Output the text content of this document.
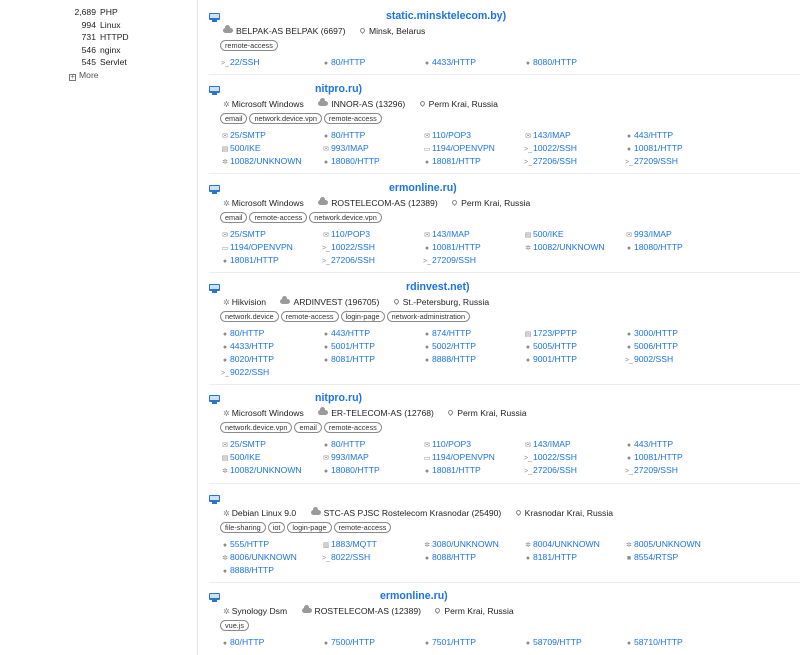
2,689 PHP
994 Linux
731 HTTPD
546 nginx
545 Servlet
+ More
static.minsktelecom.by)
BELPAK-AS BELPAK (6697)	Minsk, Belarus
remote-access
>_22/SSH	● 80/HTTP	● 4433/HTTP	● 8080/HTTP
nitpro.ru)
✲ Microsoft Windows	INNOR-AS (13296)	Perm Krai, Russia
email network.device.vpn remote-access
✉ 25/SMTP	● 80/HTTP	✉ 110/POP3	✉ 143/IMAP	● 443/HTTP
▤ 500/IKE	✉ 993/IMAP	▭ 1194/OPENVPN	>_10022/SSH	● 10081/HTTP
✲ 10082/UNKNOWN	● 18080/HTTP	● 18081/HTTP	>_27206/SSH	>_27209/SSH
ermonline.ru)
✲ Microsoft Windows	ROSTELECOM-AS (12389)	Perm Krai, Russia
email remote-access network.device.vpn
✉ 25/SMTP	✉ 110/POP3	✉ 143/IMAP	▤ 500/IKE	✉ 993/IMAP
▭ 1194/OPENVPN	>_10022/SSH	● 10081/HTTP	✲ 10082/UNKNOWN	● 18080/HTTP
● 18081/HTTP	>_27206/SSH	>_27209/SSH
rdinvest.net)
✲ Hikvision	ARDINVEST (196705)	St.-Petersburg, Russia
network.device remote-access login-page network-administration
● 80/HTTP	● 443/HTTP	● 874/HTTP	▤ 1723/PPTP	● 3000/HTTP
● 4433/HTTP	● 5001/HTTP	● 5002/HTTP	● 5005/HTTP	● 5006/HTTP
● 8020/HTTP	● 8081/HTTP	● 8888/HTTP	● 9001/HTTP	>_9002/SSH
>_9022/SSH
nitpro.ru)
✲ Microsoft Windows	ER-TELECOM-AS (12768)	Perm Krai, Russia
network.device.vpn email remote-access
✉ 25/SMTP	● 80/HTTP	✉ 110/POP3	✉ 143/IMAP	● 443/HTTP
▤ 500/IKE	✉ 993/IMAP	▭ 1194/OPENVPN	>_10022/SSH	● 10081/HTTP
✲ 10082/UNKNOWN	● 18080/HTTP	● 18081/HTTP	>_27206/SSH	>_27209/SSH
✲ Debian Linux 9.0	STC-AS PJSC Rostelecom Krasnodar (25490)	Krasnodar Krai, Russia
file-sharing iot login-page remote-access
● 555/HTTP	▥ 1883/MQTT	✲ 3080/UNKNOWN	✲ 8004/UNKNOWN	✲ 8005/UNKNOWN
✲ 8006/UNKNOWN	>_8022/SSH	● 8088/HTTP	● 8181/HTTP	■ 8554/RTSP
● 8888/HTTP
ermonline.ru)
✲ Synology Dsm	ROSTELECOM-AS (12389)	Perm Krai, Russia
vue.js
● 80/HTTP	● 7500/HTTP	● 7501/HTTP	● 58709/HTTP	● 58710/HTTP
